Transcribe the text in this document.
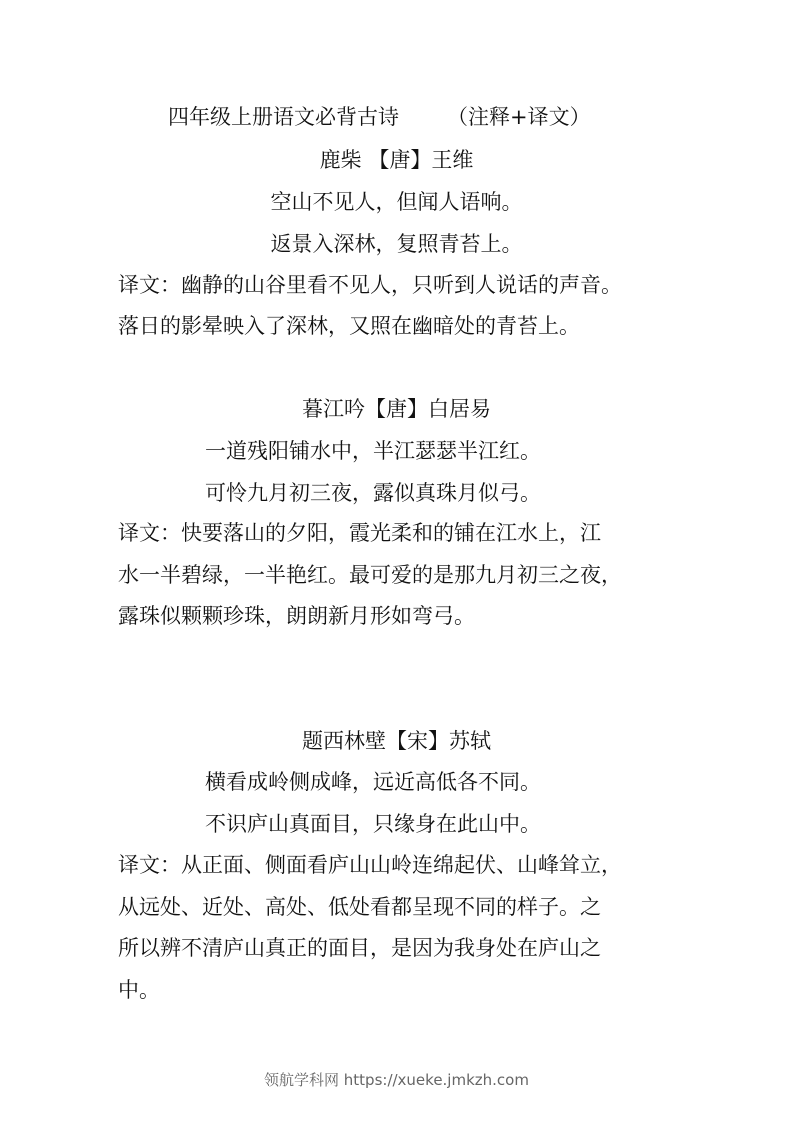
四年级上册语文必背古诗 （注释+译文）
鹿柴 【唐】王维
空山不见人，但闻人语响。
返景入深林，复照青苔上。
译文：幽静的山谷里看不见人，只听到人说话的声音。
落日的影晕映入了深林，又照在幽暗处的青苔上。
暮江吟【唐】白居易
一道残阳铺水中，半江瑟瑟半江红。
可怜九月初三夜，露似真珠月似弓。
译文：快要落山的夕阳，霞光柔和的铺在江水上，江
水一半碧绿，一半艳红。最可爱的是那九月初三之夜，
露珠似颗颗珍珠，朗朗新月形如弯弓。
题西林壁【宋】苏轼
横看成岭侧成峰，远近高低各不同。
不识庐山真面目，只缘身在此山中。
译文：从正面、侧面看庐山山岭连绵起伏、山峰耸立，
从远处、近处、高处、低处看都呈现不同的样子。之
所以辨不清庐山真正的面目，是因为我身处在庐山之
中。
领航学科网 https://xueke.jmkzh.com
